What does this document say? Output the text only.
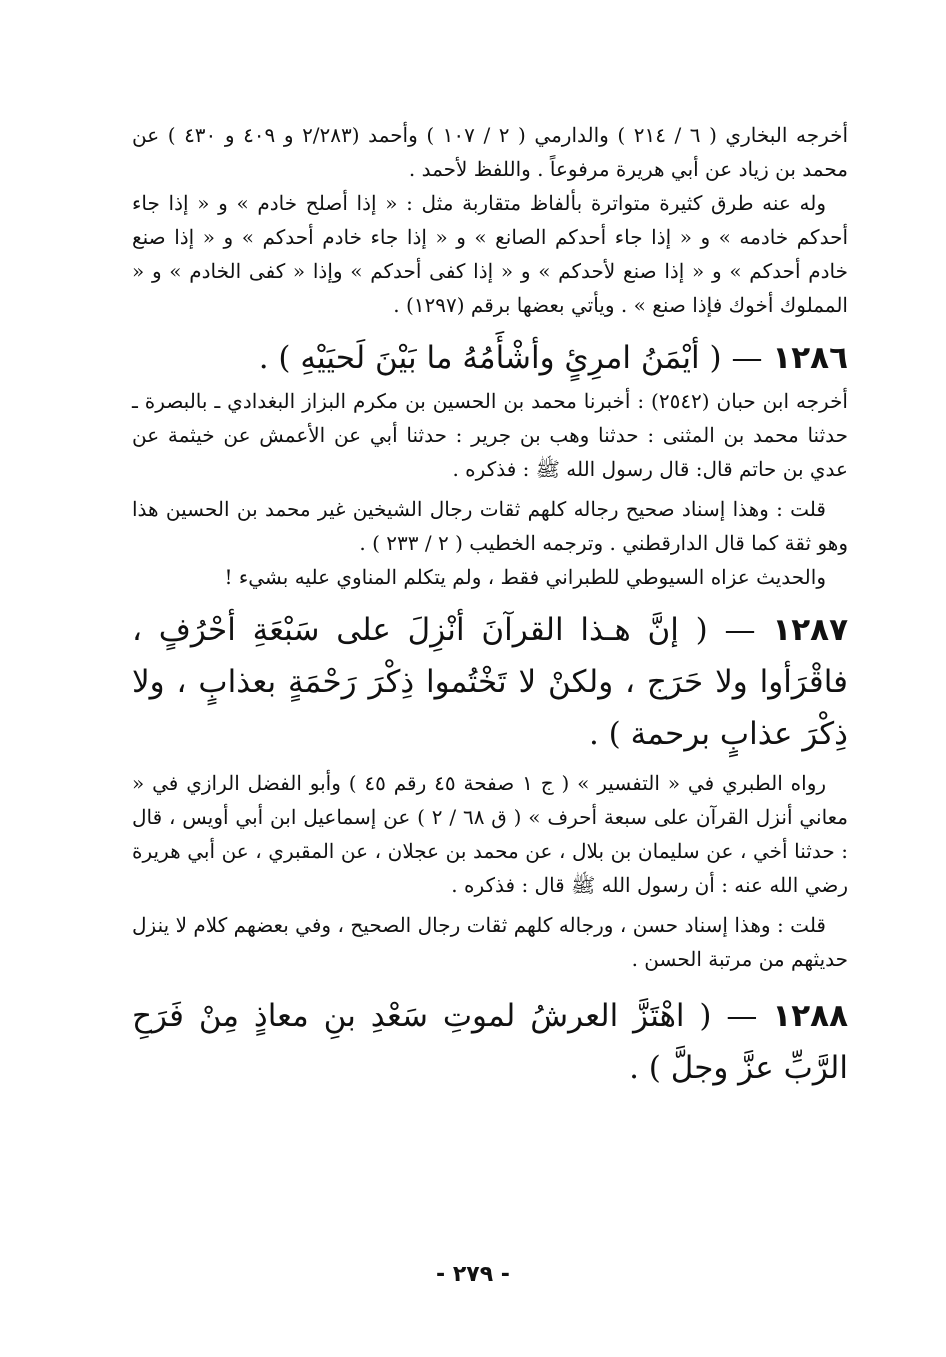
أخرجه البخاري ( ٦ / ٢١٤ ) والدارمي ( ٢ / ١٠٧ ) وأحمد (٢/٢٨٣ و ٤٠٩ و ٤٣٠ ) عن محمد بن زياد عن أبي هريرة مرفوعاً . واللفظ لأحمد .

وله عنه طرق كثيرة متواترة بألفاظ متقاربة مثل : « إذا أصلح خادم » و « إذا جاء أحدكم خادمه » و « إذا جاء أحدكم الصانع » و « إذا جاء خادم أحدكم » و « إذا صنع خادم أحدكم » و « إذا صنع لأحدكم » و « إذا كفى أحدكم » وإذا « كفى الخادم » و « المملوك أخوك فإذا صنع » . ويأتي بعضها برقم (١٢٩٧) .

١٢٨٦ — ( أيْمَنُ امرِئٍ وأشْأَمُهُ ما بَيْنَ لَحيَيْهِ ) .

أخرجه ابن حبان (٢٥٤٢) : أخبرنا محمد بن الحسين بن مكرم البزاز البغدادي ـ بالبصرة ـ حدثنا محمد بن المثنى : حدثنا وهب بن جرير : حدثنا أبي عن الأعمش عن خيثمة عن عدي بن حاتم قال: قال رسول الله ﷺ : فذكره .

قلت : وهذا إسناد صحيح رجاله كلهم ثقات رجال الشيخين غير محمد بن الحسين هذا وهو ثقة كما قال الدارقطني . وترجمه الخطيب ( ٢ / ٢٣٣ ) .

والحديث عزاه السيوطي للطبراني فقط ، ولم يتكلم المناوي عليه بشيء !

١٢٨٧ — ( إنَّ هـذا القرآنَ أنْزِلَ على سَبْعَةِ أحْرُفٍ ، فاقْرَأوا ولا حَرَج ، ولكنْ لا تَخْتُموا ذِكْرَ رَحْمَةٍ بعذابٍ ، ولا ذِكْرَ عذابٍ برحمة ) .

رواه الطبري في « التفسير » ( ج ١ صفحة ٤٥ رقم ٤٥ ) وأبو الفضل الرازي في « معاني أنزل القرآن على سبعة أحرف » ( ق ٦٨ / ٢ ) عن إسماعيل ابن أبي أويس ، قال : حدثنا أخي ، عن سليمان بن بلال ، عن محمد بن عجلان ، عن المقبري ، عن أبي هريرة رضي الله عنه : أن رسول الله ﷺ قال : فذكره .

قلت : وهذا إسناد حسن ، ورجاله كلهم ثقات رجال الصحيح ، وفي بعضهم كلام لا ينزل حديثهم من مرتبة الحسن .

١٢٨٨ — ( اهْتَزَّ العرشُ لموتِ سَعْدِ بنِ معاذٍ مِنْ فَرَحِ الرَّبِّ عزَّ وجلَّ ) .

- ٢٧٩ -
